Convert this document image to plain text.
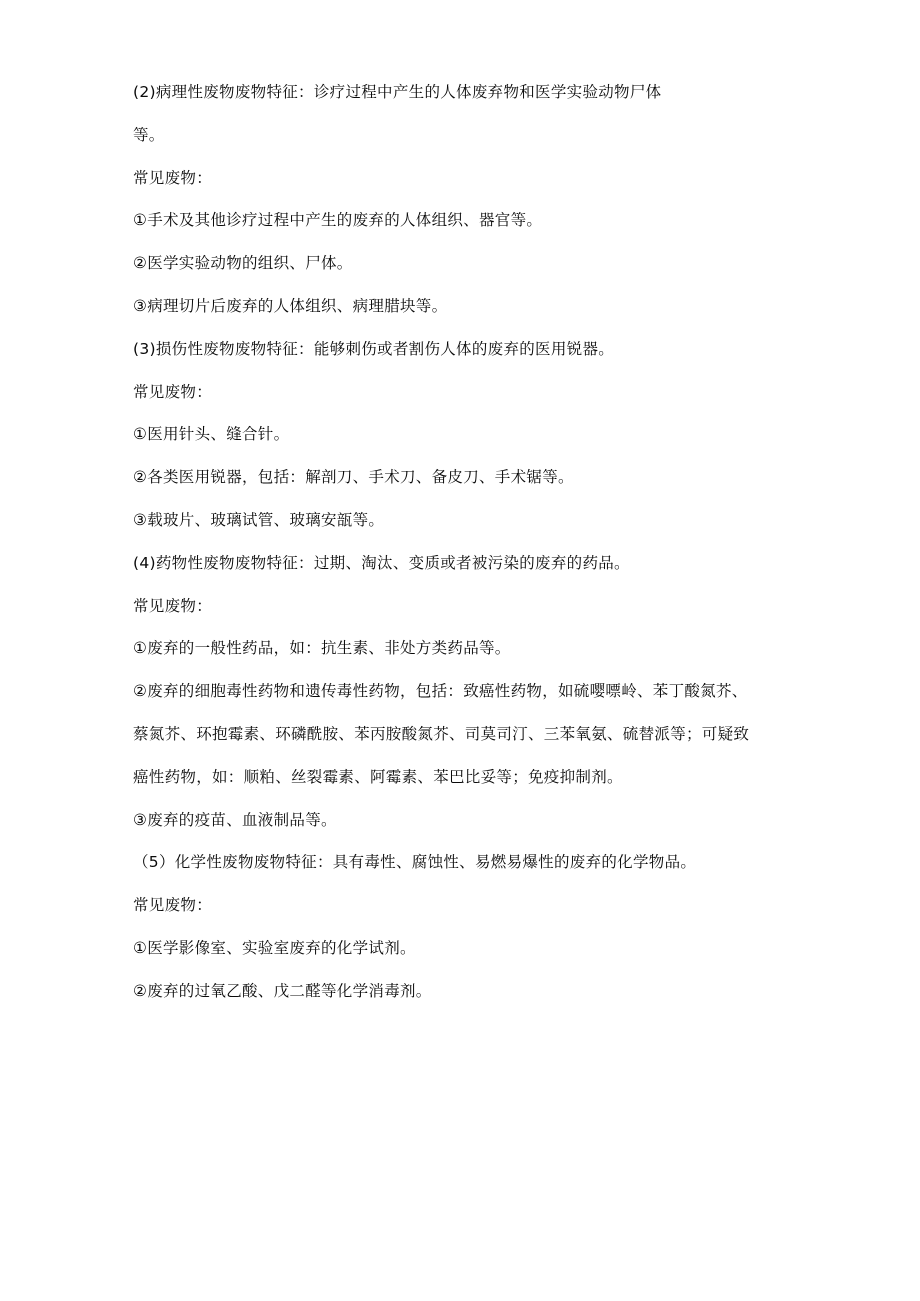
(2)病理性废物废物特征：诊疗过程中产生的人体废弃物和医学实验动物尸体

等。

常见废物：

①手术及其他诊疗过程中产生的废弃的人体组织、器官等。

②医学实验动物的组织、尸体。

③病理切片后废弃的人体组织、病理腊块等。

(3)损伤性废物废物特征：能够刺伤或者割伤人体的废弃的医用锐器。

常见废物：

①医用针头、缝合针。

②各类医用锐器，包括：解剖刀、手术刀、备皮刀、手术锯等。

③载玻片、玻璃试管、玻璃安瓿等。

(4)药物性废物废物特征：过期、淘汰、变质或者被污染的废弃的药品。

常见废物：

①废弃的一般性药品，如：抗生素、非处方类药品等。

②废弃的细胞毒性药物和遗传毒性药物，包括：致癌性药物，如硫嘤嘌岭、苯丁酸氮芥、

蔡氮芥、环抱霉素、环磷酰胺、苯丙胺酸氮芥、司莫司汀、三苯氧氨、硫替派等；可疑致

癌性药物，如：顺粕、丝裂霉素、阿霉素、苯巴比妥等；免疫抑制剂。

③废弃的疫苗、血液制品等。

（5）化学性废物废物特征：具有毒性、腐蚀性、易燃易爆性的废弃的化学物品。

常见废物：

①医学影像室、实验室废弃的化学试剂。

②废弃的过氧乙酸、戊二醛等化学消毒剂。
